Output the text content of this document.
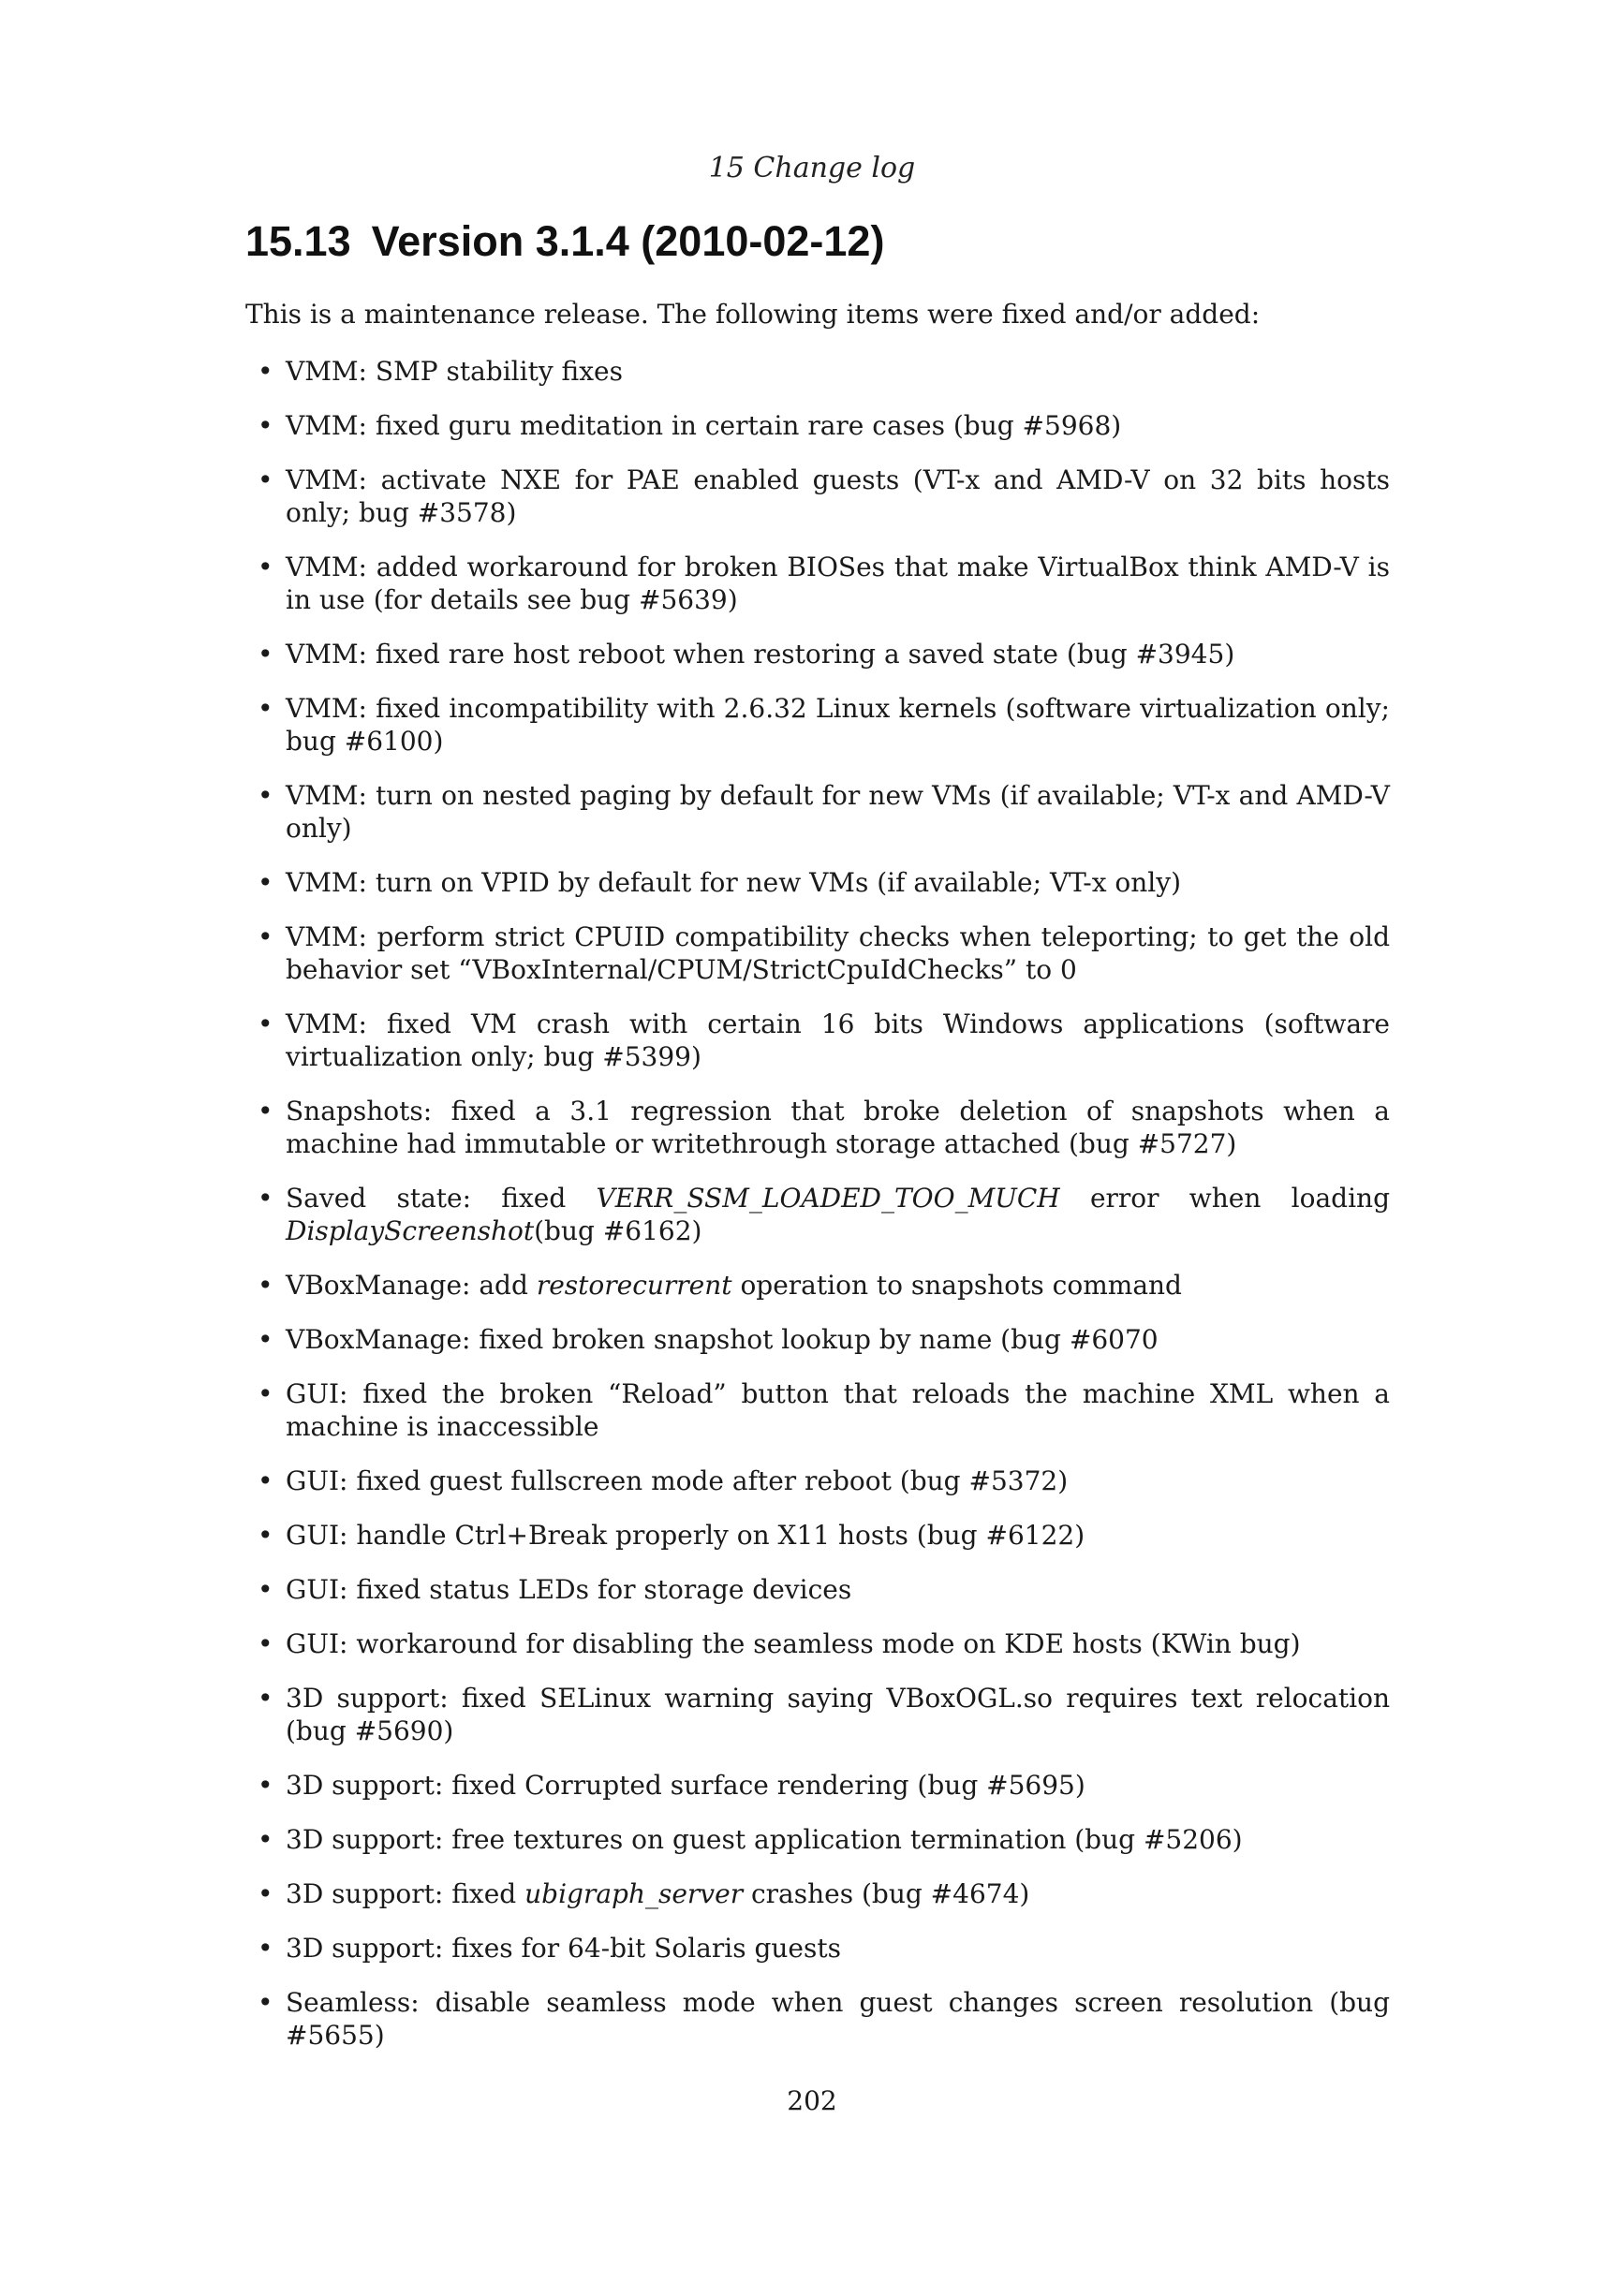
15 Change log
15.13 Version 3.1.4 (2010-02-12)

This is a maintenance release. The following items were fixed and/or added:

• VMM: SMP stability fixes
• VMM: fixed guru meditation in certain rare cases (bug #5968)
• VMM: activate NXE for PAE enabled guests (VT-x and AMD-V on 32 bits hosts only; bug #3578)
• VMM: added workaround for broken BIOSes that make VirtualBox think AMD-V is in use (for details see bug #5639)
• VMM: fixed rare host reboot when restoring a saved state (bug #3945)
• VMM: fixed incompatibility with 2.6.32 Linux kernels (software virtualization only; bug #6100)
• VMM: turn on nested paging by default for new VMs (if available; VT-x and AMD-V only)
• VMM: turn on VPID by default for new VMs (if available; VT-x only)
• VMM: perform strict CPUID compatibility checks when teleporting; to get the old behavior set “VBoxInternal/CPUM/StrictCpuIdChecks” to 0
• VMM: fixed VM crash with certain 16 bits Windows applications (software virtualization only; bug #5399)
• Snapshots: fixed a 3.1 regression that broke deletion of snapshots when a machine had immutable or writethrough storage attached (bug #5727)
• Saved state: fixed VERR_SSM_LOADED_TOO_MUCH error when loading DisplayScreenshot(bug #6162)
• VBoxManage: add restorecurrent operation to snapshots command
• VBoxManage: fixed broken snapshot lookup by name (bug #6070
• GUI: fixed the broken “Reload” button that reloads the machine XML when a machine is inaccessible
• GUI: fixed guest fullscreen mode after reboot (bug #5372)
• GUI: handle Ctrl+Break properly on X11 hosts (bug #6122)
• GUI: fixed status LEDs for storage devices
• GUI: workaround for disabling the seamless mode on KDE hosts (KWin bug)
• 3D support: fixed SELinux warning saying VBoxOGL.so requires text relocation (bug #5690)
• 3D support: fixed Corrupted surface rendering (bug #5695)
• 3D support: free textures on guest application termination (bug #5206)
• 3D support: fixed ubigraph_server crashes (bug #4674)
• 3D support: fixes for 64-bit Solaris guests
• Seamless: disable seamless mode when guest changes screen resolution (bug #5655)
202
